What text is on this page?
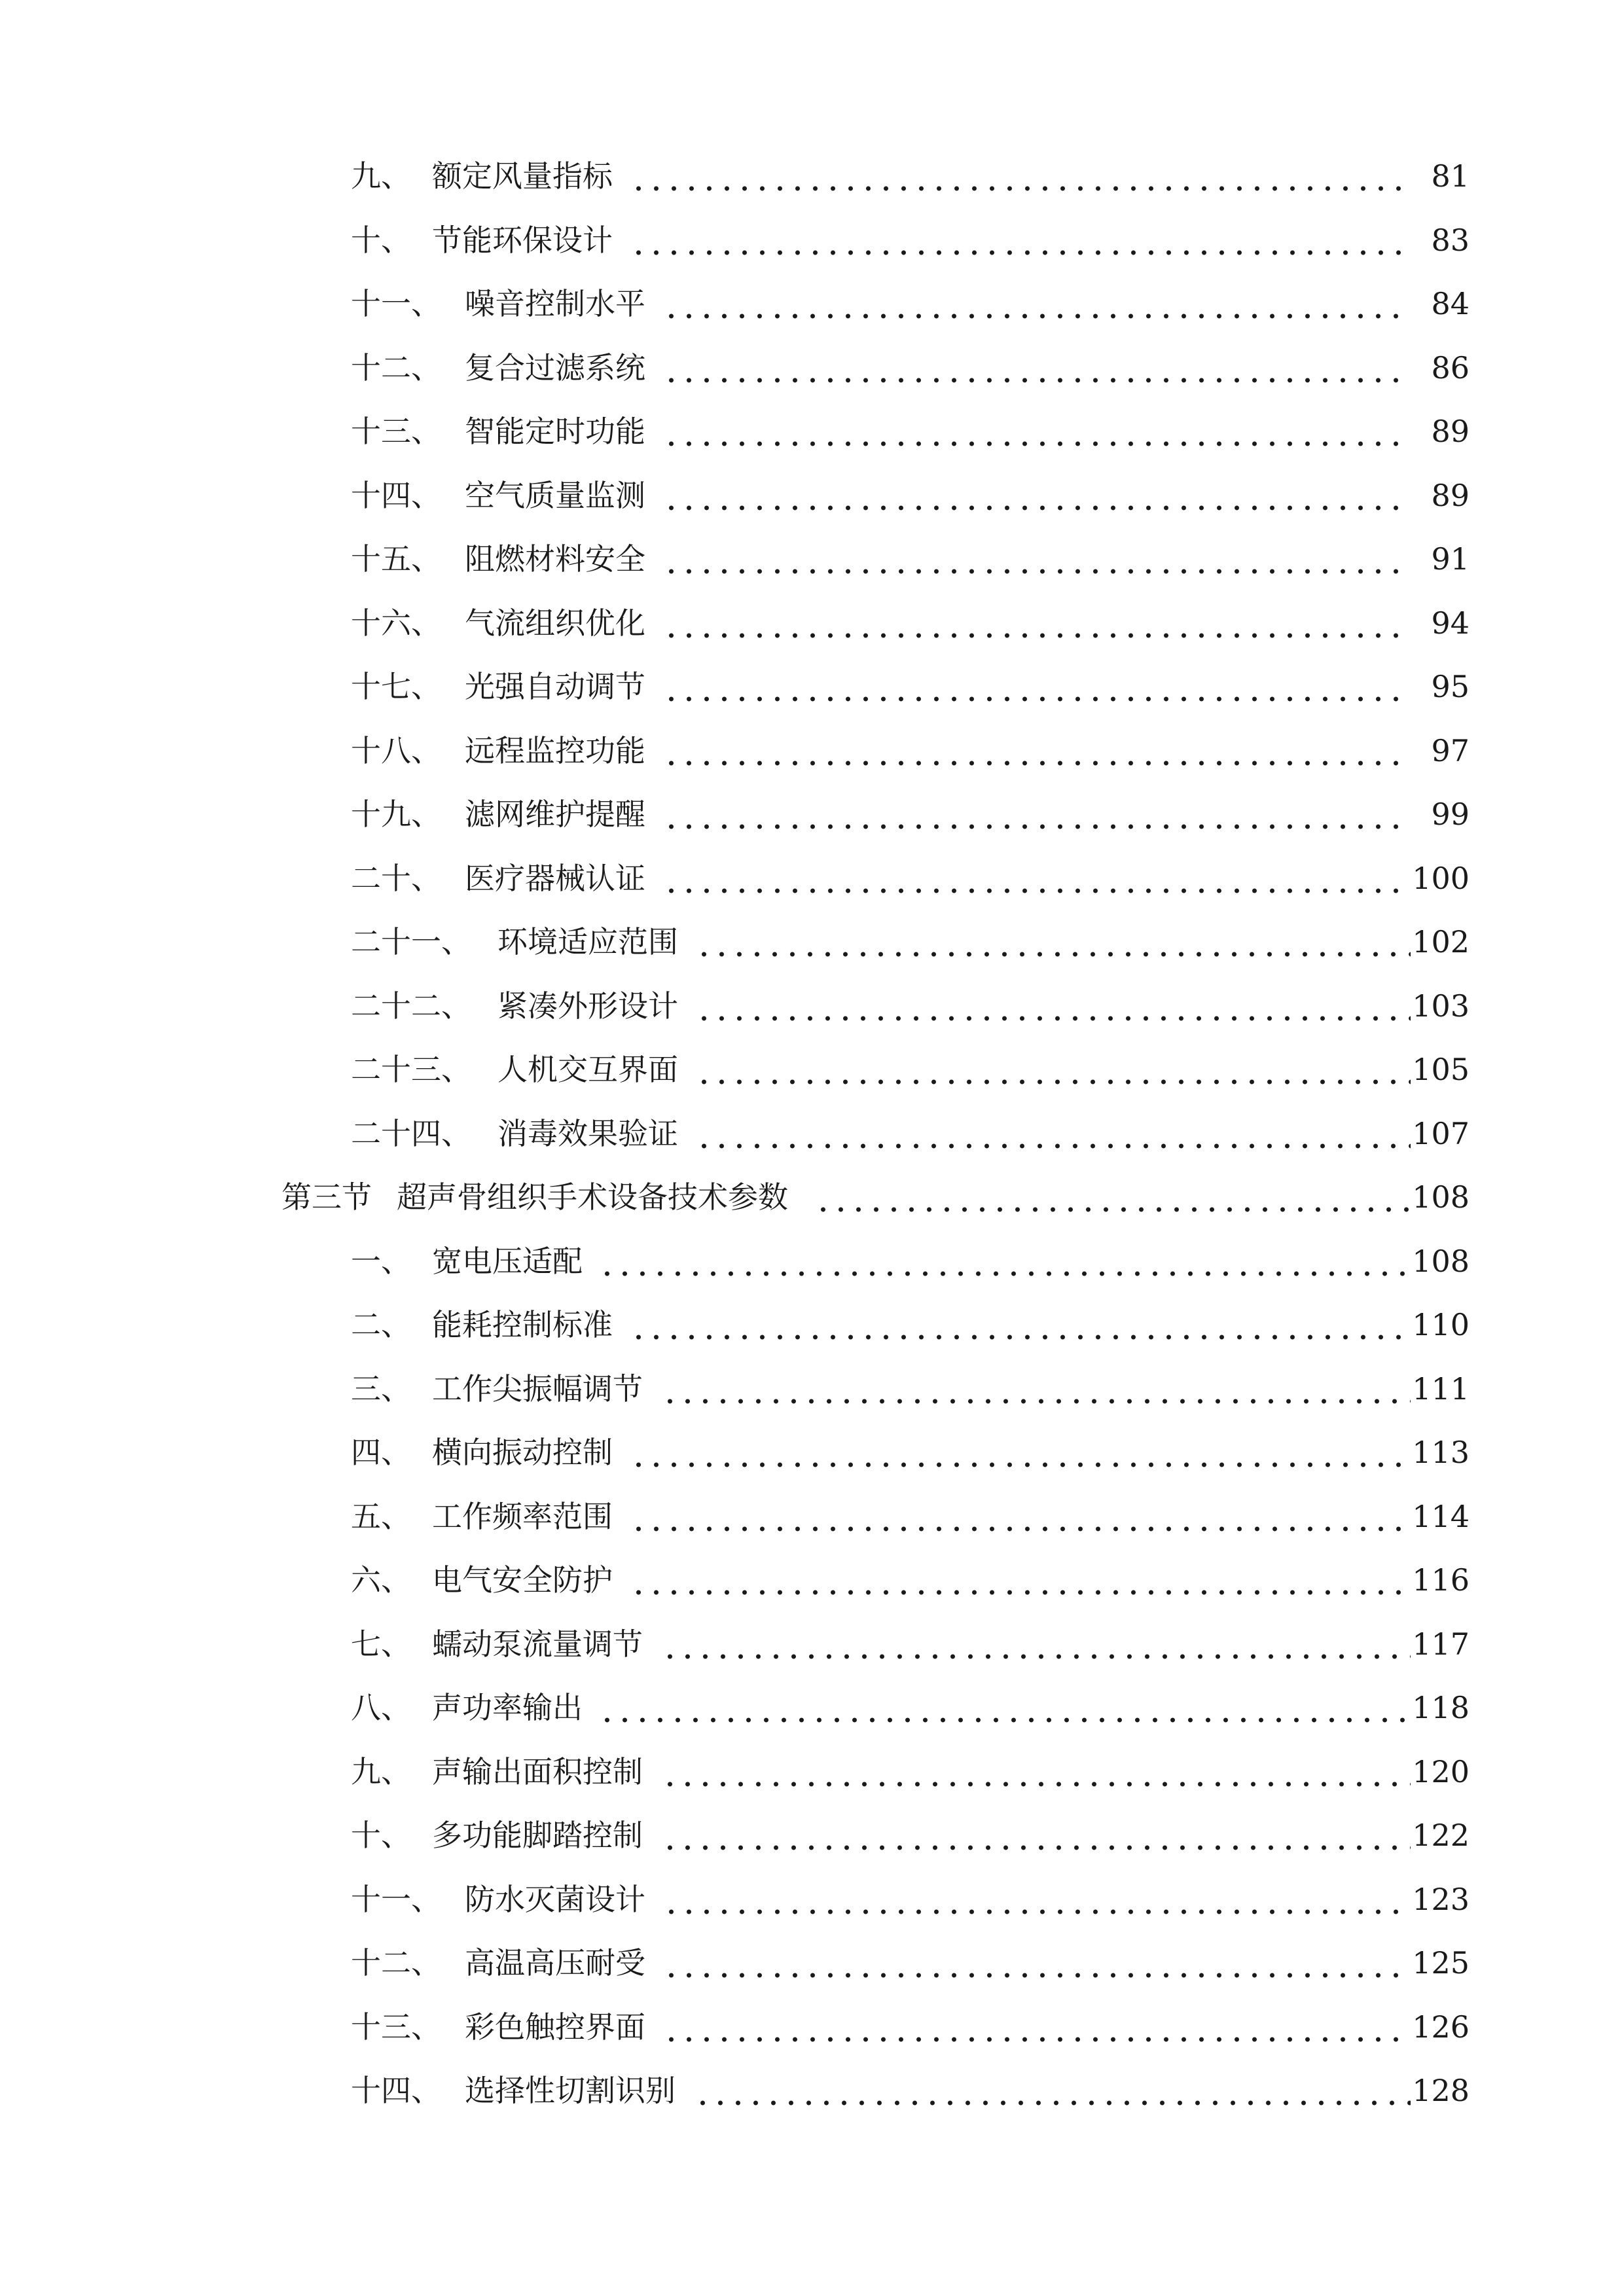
九、 额定风量指标	81
十、 节能环保设计	83
十一、 噪音控制水平	84
十二、 复合过滤系统	86
十三、 智能定时功能	89
十四、 空气质量监测	89
十五、 阻燃材料安全	91
十六、 气流组织优化	94
十七、 光强自动调节	95
十八、 远程监控功能	97
十九、 滤网维护提醒	99
二十、 医疗器械认证	100
二十一、 环境适应范围	102
二十二、 紧凑外形设计	103
二十三、 人机交互界面	105
二十四、 消毒效果验证	107
第三节 超声骨组织手术设备技术参数	108
一、 宽电压适配	108
二、 能耗控制标准	110
三、 工作尖振幅调节	111
四、 横向振动控制	113
五、 工作频率范围	114
六、 电气安全防护	116
七、 蠕动泵流量调节	117
八、 声功率输出	118
九、 声输出面积控制	120
十、 多功能脚踏控制	122
十一、 防水灭菌设计	123
十二、 高温高压耐受	125
十三、 彩色触控界面	126
十四、 选择性切割识别	128
